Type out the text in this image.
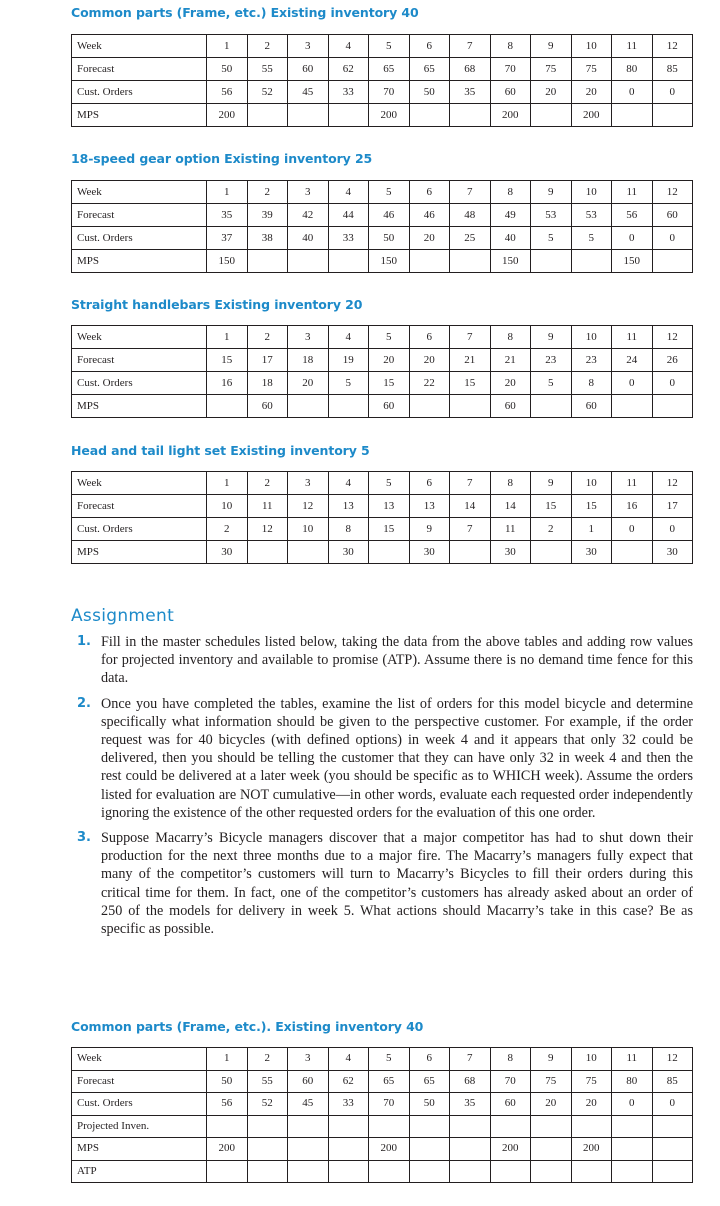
Common parts (Frame, etc.) Existing inventory 40
Week	1	2	3	4	5	6	7	8	9	10	11	12
Forecast	50	55	60	62	65	65	68	70	75	75	80	85
Cust. Orders	56	52	45	33	70	50	35	60	20	20	0	0
MPS	200				200			200		200		
18-speed gear option Existing inventory 25
Week	1	2	3	4	5	6	7	8	9	10	11	12
Forecast	35	39	42	44	46	46	48	49	53	53	56	60
Cust. Orders	37	38	40	33	50	20	25	40	5	5	0	0
MPS	150				150			150			150	
Straight handlebars Existing inventory 20
Week	1	2	3	4	5	6	7	8	9	10	11	12
Forecast	15	17	18	19	20	20	21	21	23	23	24	26
Cust. Orders	16	18	20	5	15	22	15	20	5	8	0	0
MPS		60			60			60		60		
Head and tail light set Existing inventory 5
Week	1	2	3	4	5	6	7	8	9	10	11	12
Forecast	10	11	12	13	13	13	14	14	15	15	16	17
Cust. Orders	2	12	10	8	15	9	7	11	2	1	0	0
MPS	30			30		30		30		30		30
Assignment
1. Fill in the master schedules listed below, taking the data from the above tables and adding row values for projected inventory and available to promise (ATP). Assume there is no demand time fence for this data.
2. Once you have completed the tables, examine the list of orders for this model bicycle and determine specifically what information should be given to the perspective customer. For example, if the order request was for 40 bicycles (with defined options) in week 4 and it appears that only 32 could be delivered, then you should be telling the customer that they can have only 32 in week 4 and then the rest could be delivered at a later week (you should be specific as to WHICH week). Assume the orders listed for evaluation are NOT cumulative—in other words, evaluate each requested order independently ignoring the existence of the other requested orders for the evaluation of this one order.
3. Suppose Macarry’s Bicycle managers discover that a major competitor has had to shut down their production for the next three months due to a major fire. The Macarry’s managers fully expect that many of the competitor’s customers will turn to Macarry’s Bicycles to fill their orders during this critical time for them. In fact, one of the competitor’s customers has already asked about an order of 250 of the models for delivery in week 5. What actions should Macarry’s take in this case? Be as specific as possible.
Common parts (Frame, etc.). Existing inventory 40
Week	1	2	3	4	5	6	7	8	9	10	11	12
Forecast	50	55	60	62	65	65	68	70	75	75	80	85
Cust. Orders	56	52	45	33	70	50	35	60	20	20	0	0
Projected Inven.												
MPS	200				200			200		200		
ATP												
